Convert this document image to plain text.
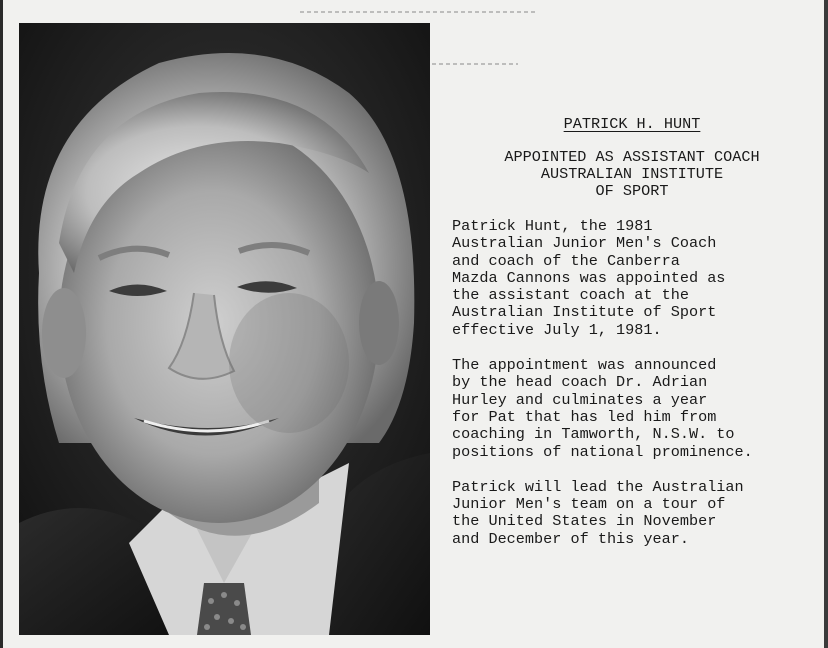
PATRICK H. HUNT
APPOINTED AS ASSISTANT COACH
AUSTRALIAN INSTITUTE
OF SPORT
Patrick Hunt, the 1981
Australian Junior Men's Coach
and coach of the Canberra
Mazda Cannons was appointed as
the assistant coach at the
Australian Institute of Sport
effective July 1, 1981.
The appointment was announced
by the head coach Dr. Adrian
Hurley and culminates a year
for Pat that has led him from
coaching in Tamworth, N.S.W. to
positions of national prominence.
Patrick will lead the Australian
Junior Men's team on a tour of
the United States in November
and December of this year.
